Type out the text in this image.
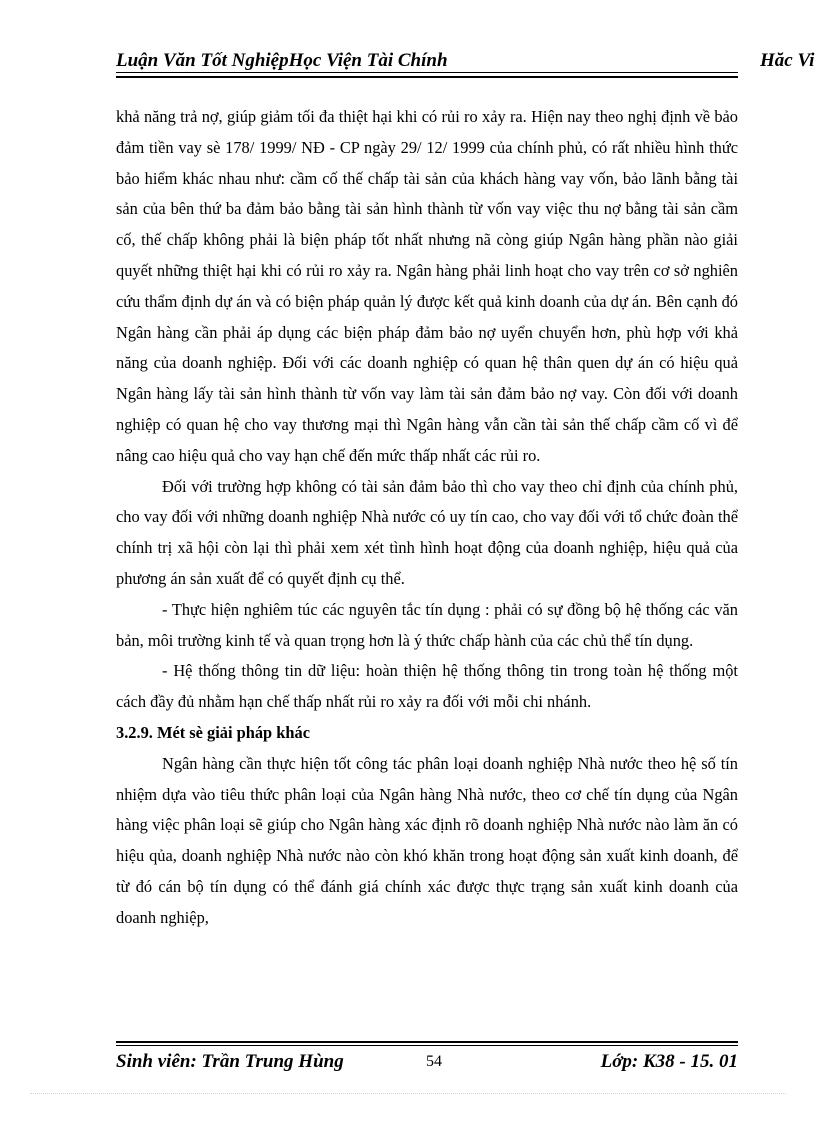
Luận Văn Tốt NghiệpHọc Viện Tài Chính	Hăc Vi

khả năng trả nợ, giúp giảm tối đa thiệt hại khi có rủi ro xảy ra. Hiện nay theo nghị định về bảo đảm tiền vay sè 178/ 1999/ NĐ - CP ngày 29/ 12/ 1999 của chính phủ, có rất nhiều hình thức bảo hiểm khác nhau như: cầm cố thế chấp tài sản của khách hàng vay vốn, bảo lãnh bằng tài sản của bên thứ ba đảm bảo bằng tài sản hình thành từ vốn vay việc thu nợ bằng tài sản cầm cố, thế chấp không phải là biện pháp tốt nhất nhưng nã còng giúp Ngân hàng phần nào giải quyết những thiệt hại khi có rủi ro xảy ra. Ngân hàng phải linh hoạt cho vay trên cơ sở nghiên cứu thẩm định dự án và có biện pháp quản lý được kết quả kinh doanh của dự án. Bên cạnh đó Ngân hàng cần phải áp dụng các biện pháp đảm bảo nợ uyển chuyển hơn, phù hợp với khả năng của doanh nghiệp. Đối với các doanh nghiệp có quan hệ thân quen dự án có hiệu quả Ngân hàng lấy tài sản hình thành từ vốn vay làm tài sản đảm bảo nợ vay. Còn đối với doanh nghiệp có quan hệ cho vay thương mại thì Ngân hàng vẫn cần tài sản thế chấp cầm cố vì để nâng cao hiệu quả cho vay hạn chế đến mức thấp nhất các rủi ro.

Đối với trường hợp không có tài sản đảm bảo thì cho vay theo chỉ định của chính phủ, cho vay đối với những doanh nghiệp Nhà nước có uy tín cao, cho vay đối với tổ chức đoàn thể chính trị xã hội còn lại thì phải xem xét tình hình hoạt động của doanh nghiệp, hiệu quả của phương án sản xuất để có quyết định cụ thể.

- Thực hiện nghiêm túc các nguyên tắc tín dụng : phải có sự đồng bộ hệ thống các văn bản, môi trường kinh tế và quan trọng hơn là ý thức chấp hành của các chủ thể tín dụng.

- Hệ thống thông tin dữ liệu: hoàn thiện hệ thống thông tin trong toàn hệ thống một cách đầy đủ nhằm hạn chế thấp nhất rủi ro xảy ra đối với mỗi chi nhánh.

3.2.9. Mét sè giải pháp khác

Ngân hàng cần thực hiện tốt công tác phân loại doanh nghiệp Nhà nước theo hệ số tín nhiệm dựa vào tiêu thức phân loại của Ngân hàng Nhà nước, theo cơ chế tín dụng của Ngân hàng việc phân loại sẽ giúp cho Ngân hàng xác định rõ doanh nghiệp Nhà nước nào làm ăn có hiệu qủa, doanh nghiệp Nhà nước nào còn khó khăn trong hoạt động sản xuất kinh doanh, để từ đó cán bộ tín dụng có thể đánh giá chính xác được thực trạng sản xuất kinh doanh của doanh nghiệp,

Sinh viên: Trần Trung Hùng	54	Lớp: K38 - 15. 01
